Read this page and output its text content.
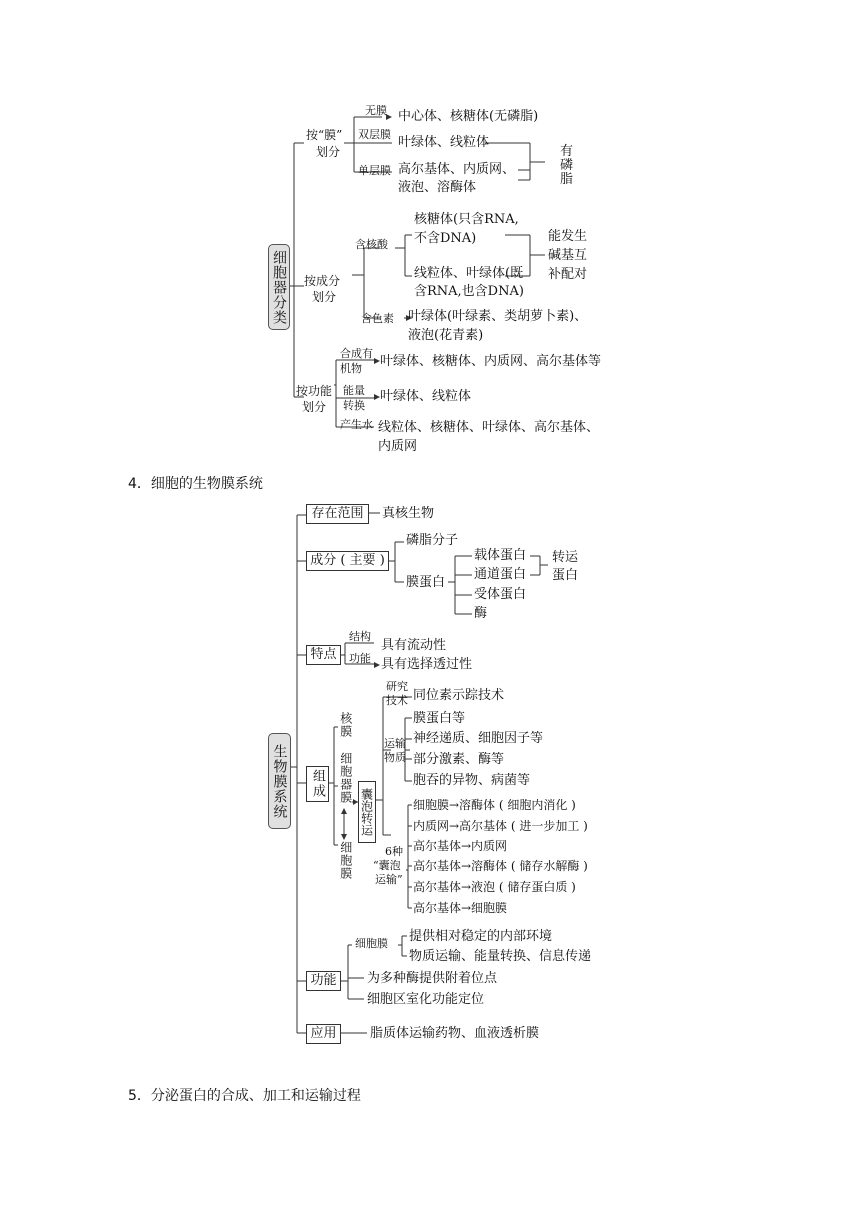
细胞器分类
按“膜”
划分
无膜 中心体、核糖体(无磷脂)
双层膜
叶绿体、线粒体
单层膜 高尔基体、内质网、
液泡、溶酶体
有
磷
脂
按成分
划分
含核酸
核糖体(只含RNA,
不含DNA)
线粒体、叶绿体(既
含RNA,也含DNA)
能发生
碱基互
补配对
含色素 叶绿体(叶绿素、类胡萝卜素)、
液泡(花青素)
按功能
划分
合成有
机物 叶绿体、核糖体、内质网、高尔基体等
能量
转换
叶绿体、线粒体
产生水 线粒体、核糖体、叶绿体、高尔基体、
内质网
4．细胞的生物膜系统
生物膜系统
存在范围	真核生物
成分 ( 主要 )
磷脂分子
膜蛋白
载体蛋白
通道蛋白
受体蛋白
酶
转运
蛋白
特点
结构
具有流动性
功能 具有选择透过性
组成
核膜
细胞器膜
细胞膜
囊泡转运
研究
技术 同位素示踪技术
运输
物质
膜蛋白等
神经递质、细胞因子等
部分激素、酶等
胞吞的异物、病菌等
6种
“囊泡
运输”
细胞膜→溶酶体 ( 细胞内消化 )
内质网→高尔基体 ( 进一步加工 )
高尔基体→内质网
高尔基体→溶酶体 ( 储存水解酶 )
高尔基体→液泡 ( 储存蛋白质 )
高尔基体→细胞膜
功能
细胞膜 提供相对稳定的内部环境
物质运输、能量转换、信息传递
为多种酶提供附着位点
细胞区室化功能定位
应用	脂质体运输药物、血液透析膜
5．分泌蛋白的合成、加工和运输过程
